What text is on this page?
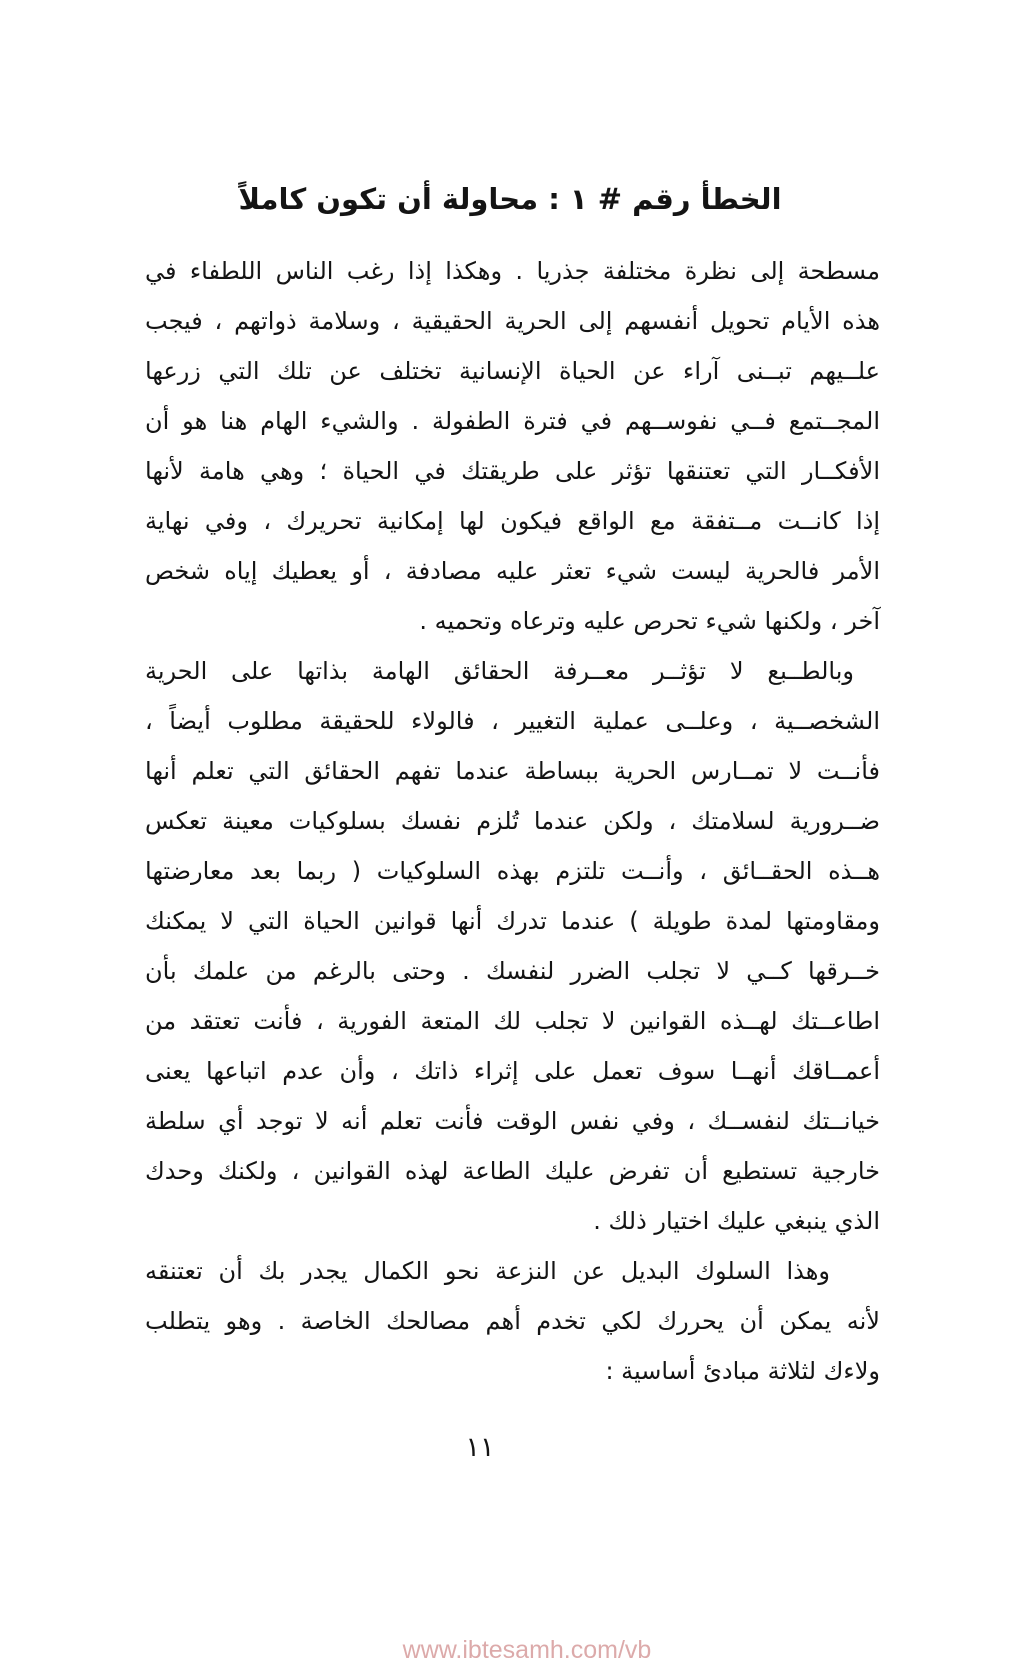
الخطأ رقم # ١ : محاولة أن تكون كاملاً
مسطحة إلى نظرة مختلفة جذريا . وهكذا إذا رغب الناس اللطفاء في
هذه الأيام تحويل أنفسهم إلى الحرية الحقيقية ، وسلامة ذواتهم ، فيجب
علــيهم تبــنى آراء عن الحياة الإنسانية تختلف عن تلك التي زرعها
المجــتمع فــي نفوســهم في فترة الطفولة . والشيء الهام هنا هو أن
الأفكــار التي تعتنقها تؤثر على طريقتك في الحياة ؛ وهي هامة لأنها
إذا كانــت مــتفقة مع الواقع فيكون لها إمكانية تحريرك ، وفي نهاية
الأمر فالحرية ليست شيء تعثر عليه مصادفة ، أو يعطيك إياه شخص
آخر ، ولكنها شيء تحرص عليه وترعاه وتحميه .
وبالطــبع لا تؤثــر معــرفة الحقائق الهامة بذاتها على الحرية
الشخصــية ، وعلــى عملية التغيير ، فالولاء للحقيقة مطلوب أيضاً ،
فأنــت لا تمــارس الحرية ببساطة عندما تفهم الحقائق التي تعلم أنها
ضــرورية لسلامتك ، ولكن عندما تُلزم نفسك بسلوكيات معينة تعكس
هــذه الحقــائق ، وأنــت تلتزم بهذه السلوكيات ( ربما بعد معارضتها
ومقاومتها لمدة طويلة ) عندما تدرك أنها قوانين الحياة التي لا يمكنك
خــرقها كــي لا تجلب الضرر لنفسك . وحتى بالرغم من علمك بأن
اطاعــتك لهــذه القوانين لا تجلب لك المتعة الفورية ، فأنت تعتقد من
أعمــاقك أنهــا سوف تعمل على إثراء ذاتك ، وأن عدم اتباعها يعنى
خيانــتك لنفســك ، وفي نفس الوقت فأنت تعلم أنه لا توجد أي سلطة
خارجية تستطيع أن تفرض عليك الطاعة لهذه القوانين ، ولكنك وحدك
الذي ينبغي عليك اختيار ذلك .
وهذا السلوك البديل عن النزعة نحو الكمال يجدر بك أن تعتنقه
لأنه يمكن أن يحررك لكي تخدم أهم مصالحك الخاصة . وهو يتطلب
ولاءك لثلاثة مبادئ أساسية :
١١
www.ibtesamh.com/vb
